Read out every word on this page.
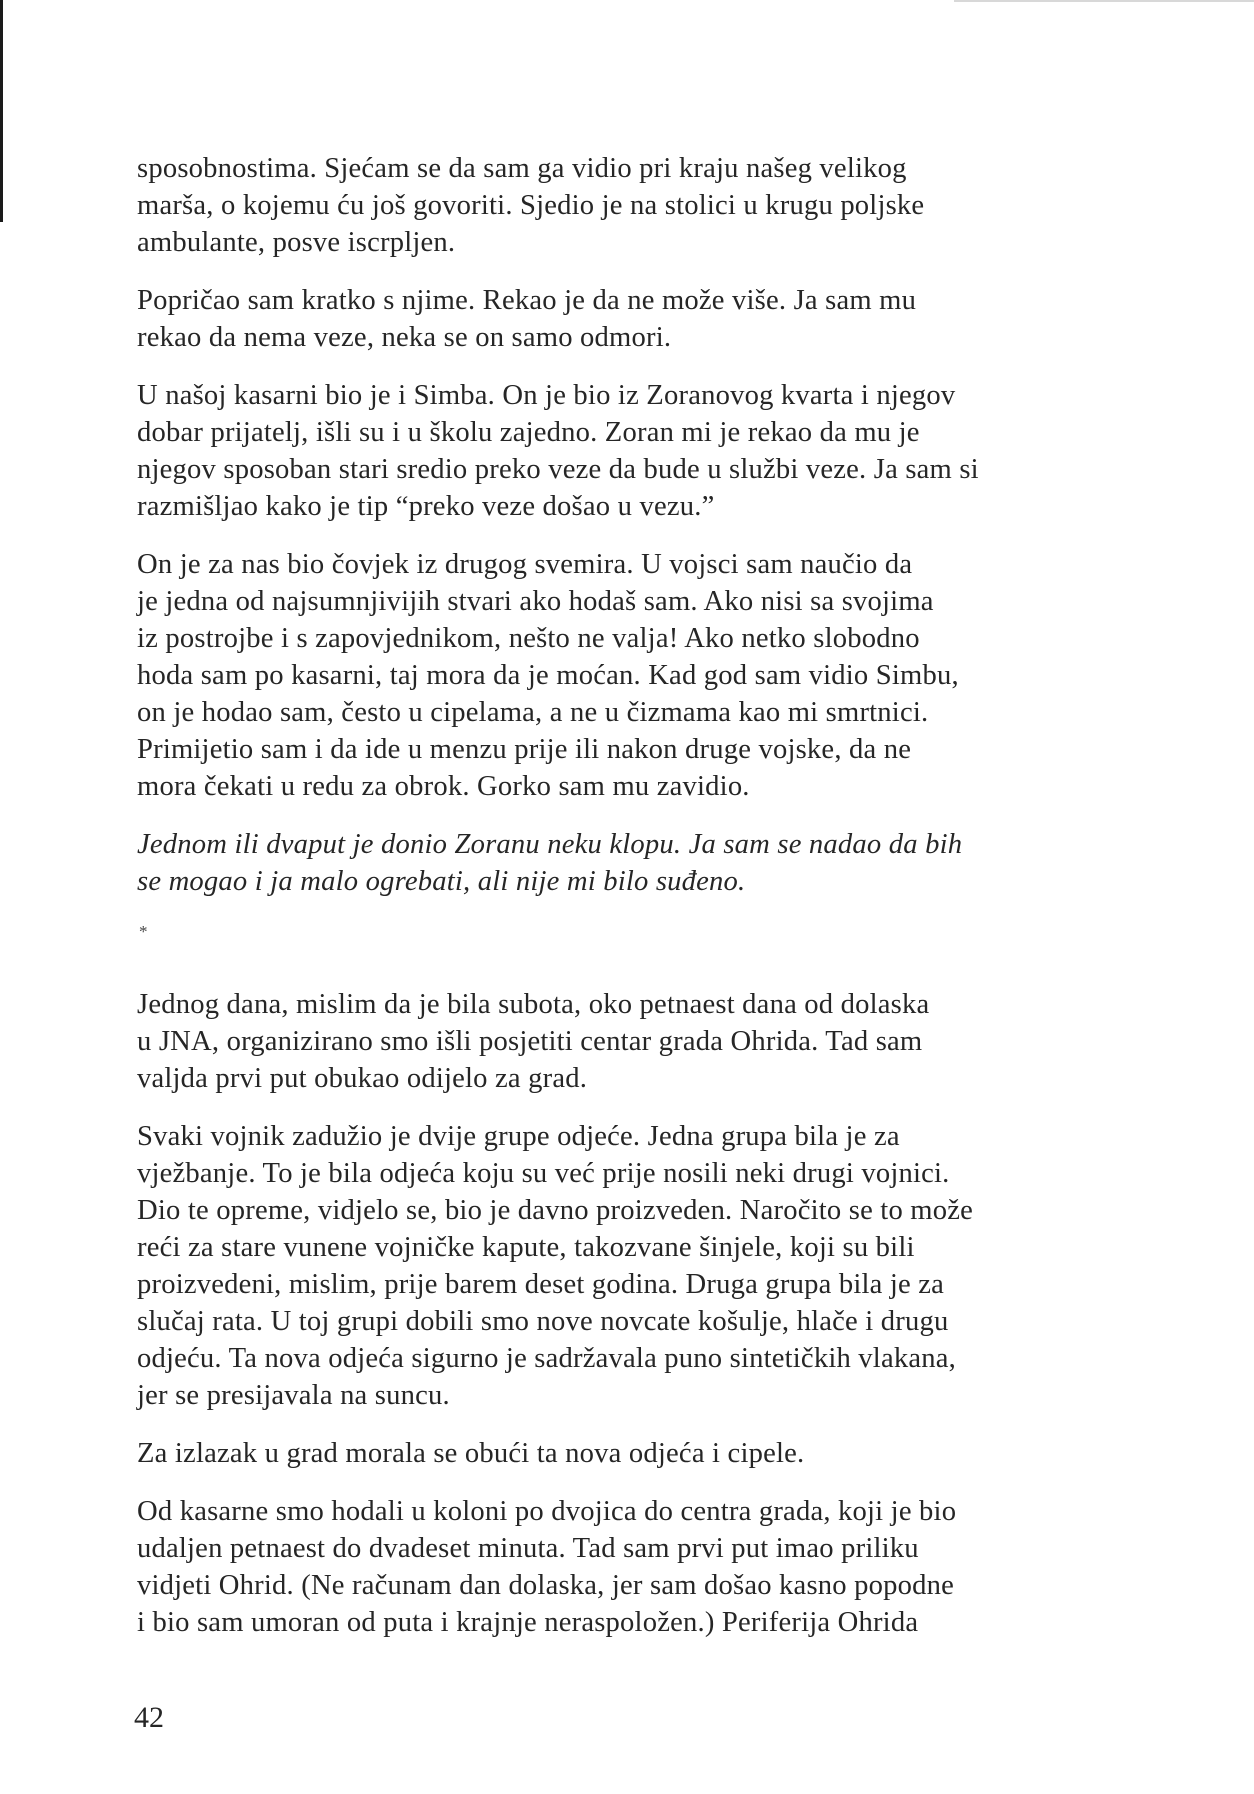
sposobnostima. Sjećam se da sam ga vidio pri kraju našeg velikog
marša, o kojemu ću još govoriti. Sjedio je na stolici u krugu poljske
ambulante, posve iscrpljen.
Popričao sam kratko s njime. Rekao je da ne može više. Ja sam mu
rekao da nema veze, neka se on samo odmori.
U našoj kasarni bio je i Simba. On je bio iz Zoranovog kvarta i njegov
dobar prijatelj, išli su i u školu zajedno. Zoran mi je rekao da mu je
njegov sposoban stari sredio preko veze da bude u službi veze. Ja sam si
razmišljao kako je tip “preko veze došao u vezu.”
On je za nas bio čovjek iz drugog svemira. U vojsci sam naučio da
je jedna od najsumnjivijih stvari ako hodaš sam. Ako nisi sa svojima
iz postrojbe i s zapovjednikom, nešto ne valja! Ako netko slobodno
hoda sam po kasarni, taj mora da je moćan. Kad god sam vidio Simbu,
on je hodao sam, često u cipelama, a ne u čizmama kao mi smrtnici.
Primijetio sam i da ide u menzu prije ili nakon druge vojske, da ne
mora čekati u redu za obrok. Gorko sam mu zavidio.
Jednom ili dvaput je donio Zoranu neku klopu. Ja sam se nadao da bih
se mogao i ja malo ogrebati, ali nije mi bilo suđeno.
*
Jednog dana, mislim da je bila subota, oko petnaest dana od dolaska
u JNA, organizirano smo išli posjetiti centar grada Ohrida. Tad sam
valjda prvi put obukao odijelo za grad.
Svaki vojnik zadužio je dvije grupe odjeće. Jedna grupa bila je za
vježbanje. To je bila odjeća koju su već prije nosili neki drugi vojnici.
Dio te opreme, vidjelo se, bio je davno proizveden. Naročito se to može
reći za stare vunene vojničke kapute, takozvane šinjele, koji su bili
proizvedeni, mislim, prije barem deset godina. Druga grupa bila je za
slučaj rata. U toj grupi dobili smo nove novcate košulje, hlače i drugu
odjeću. Ta nova odjeća sigurno je sadržavala puno sintetičkih vlakana,
jer se presijavala na suncu.
Za izlazak u grad morala se obući ta nova odjeća i cipele.
Od kasarne smo hodali u koloni po dvojica do centra grada, koji je bio
udaljen petnaest do dvadeset minuta. Tad sam prvi put imao priliku
vidjeti Ohrid. (Ne računam dan dolaska, jer sam došao kasno popodne
i bio sam umoran od puta i krajnje neraspoložen.) Periferija Ohrida
42
